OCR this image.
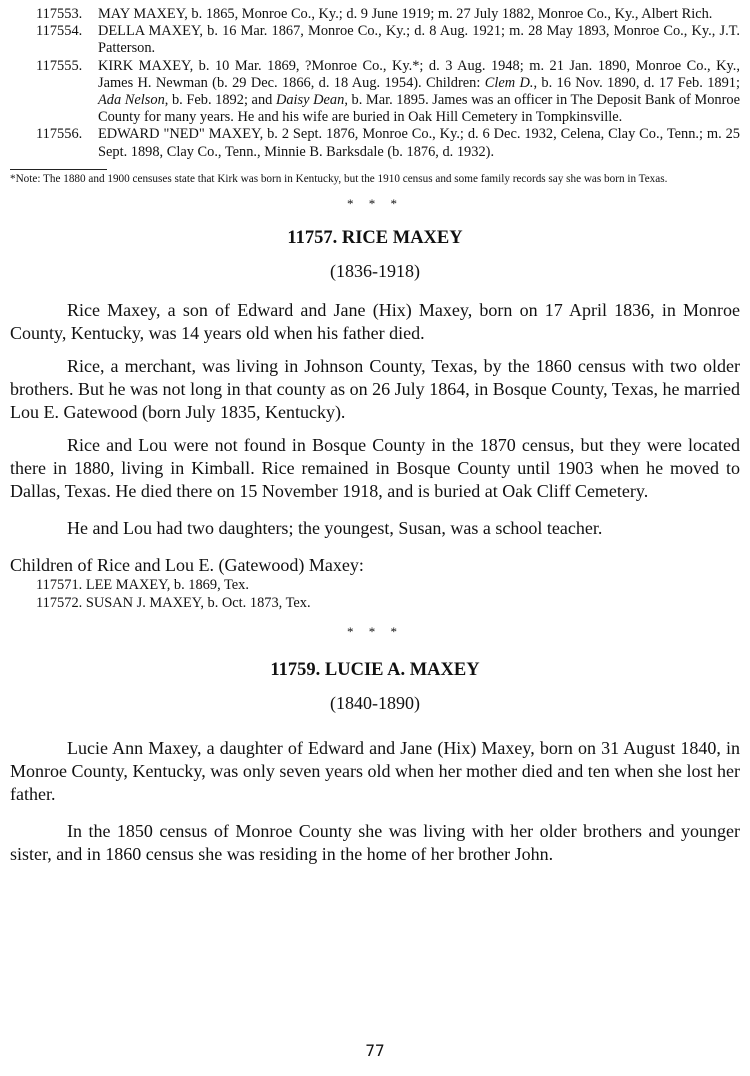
117553.	MAY MAXEY, b. 1865, Monroe Co., Ky.; d. 9 June 1919; m. 27 July 1882, Monroe Co., Ky., Albert Rich.
117554.	DELLA MAXEY, b. 16 Mar. 1867, Monroe Co., Ky.; d. 8 Aug. 1921; m. 28 May 1893, Monroe Co., Ky., J.T. Patterson.
117555.	KIRK MAXEY, b. 10 Mar. 1869, ?Monroe Co., Ky.*; d. 3 Aug. 1948; m. 21 Jan. 1890, Monroe Co., Ky., James H. Newman (b. 29 Dec. 1866, d. 18 Aug. 1954). Children: Clem D., b. 16 Nov. 1890, d. 17 Feb. 1891; Ada Nelson, b. Feb. 1892; and Daisy Dean, b. Mar. 1895. James was an officer in The Deposit Bank of Monroe County for many years. He and his wife are buried in Oak Hill Cemetery in Tompkinsville.
117556.	EDWARD "NED" MAXEY, b. 2 Sept. 1876, Monroe Co., Ky.; d. 6 Dec. 1932, Celena, Clay Co., Tenn.; m. 25 Sept. 1898, Clay Co., Tenn., Minnie B. Barksdale (b. 1876, d. 1932).
*Note: The 1880 and 1900 censuses state that Kirk was born in Kentucky, but the 1910 census and some family records say she was born in Texas.
* * *
11757. RICE MAXEY
(1836-1918)

Rice Maxey, a son of Edward and Jane (Hix) Maxey, born on 17 April 1836, in Monroe County, Kentucky, was 14 years old when his father died.

Rice, a merchant, was living in Johnson County, Texas, by the 1860 census with two older brothers. But he was not long in that county as on 26 July 1864, in Bosque County, Texas, he married Lou E. Gatewood (born July 1835, Kentucky).

Rice and Lou were not found in Bosque County in the 1870 census, but they were located there in 1880, living in Kimball. Rice remained in Bosque County until 1903 when he moved to Dallas, Texas. He died there on 15 November 1918, and is buried at Oak Cliff Cemetery.

He and Lou had two daughters; the youngest, Susan, was a school teacher.

Children of Rice and Lou E. (Gatewood) Maxey:

117571. LEE MAXEY, b. 1869, Tex.
117572. SUSAN J. MAXEY, b. Oct. 1873, Tex.
* * *
11759. LUCIE A. MAXEY
(1840-1890)

Lucie Ann Maxey, a daughter of Edward and Jane (Hix) Maxey, born on 31 August 1840, in Monroe County, Kentucky, was only seven years old when her mother died and ten when she lost her father.

In the 1850 census of Monroe County she was living with her older brothers and younger sister, and in 1860 census she was residing in the home of her brother John.

77
